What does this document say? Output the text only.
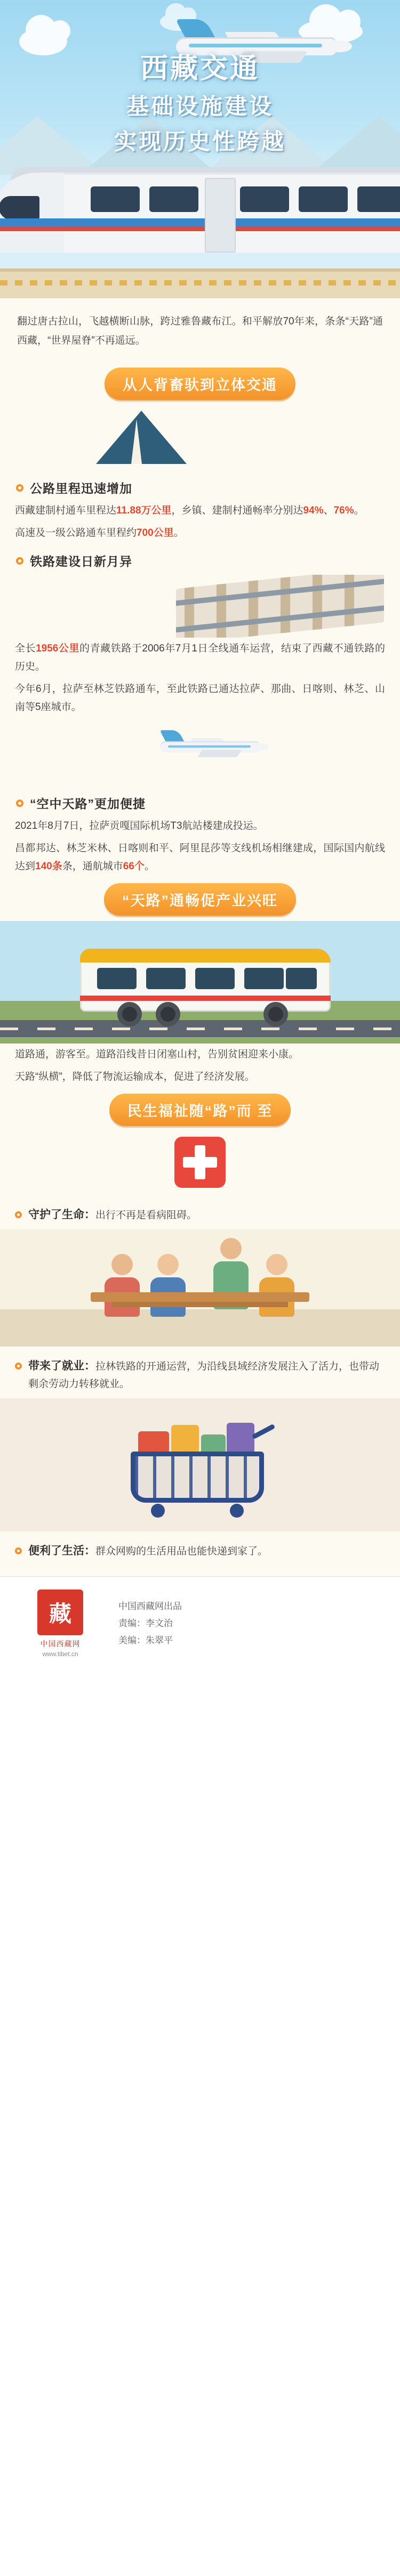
西藏交通
基础设施建设
实现历史性跨越
翻过唐古拉山，飞越横断山脉，跨过雅鲁藏布江。和平解放70年来，条条“天路”通西藏，“世界屋脊”不再遥远。
从人背畜驮到立体交通
公路里程迅速增加

西藏建制村通车里程达11.88万公里，乡镇、建制村通畅率分别达94%、76%。

高速及一级公路通车里程约700公里。

铁路建设日新月异

全长1956公里的青藏铁路于2006年7月1日全线通车运营，结束了西藏不通铁路的历史。

今年6月，拉萨至林芝铁路通车，至此铁路已通达拉萨、那曲、日喀则、林芝、山南等5座城市。

“空中天路”更加便捷

2021年8月7日，拉萨贡嘎国际机场T3航站楼建成投运。

昌都邦达、林芝米林、日喀则和平、阿里昆莎等支线机场相继建成，国际国内航线达到140条条，通航城市66个。

“天路”通畅促产业兴旺

道路通，游客至。道路沿线昔日闭塞山村，告别贫困迎来小康。

天路“纵横”，降低了物流运输成本，促进了经济发展。

民生福祉随“路”而 至
守护了生命：出行不再是看病阻碍。
带来了就业：拉林铁路的开通运营，为沿线县域经济发展注入了活力，也带动剩余劳动力转移就业。
便利了生活：群众网购的生活用品也能快递到家了。
藏
中国西藏网
www.tibet.cn
中国西藏网出品
责编：李文治
美编：朱翠平
